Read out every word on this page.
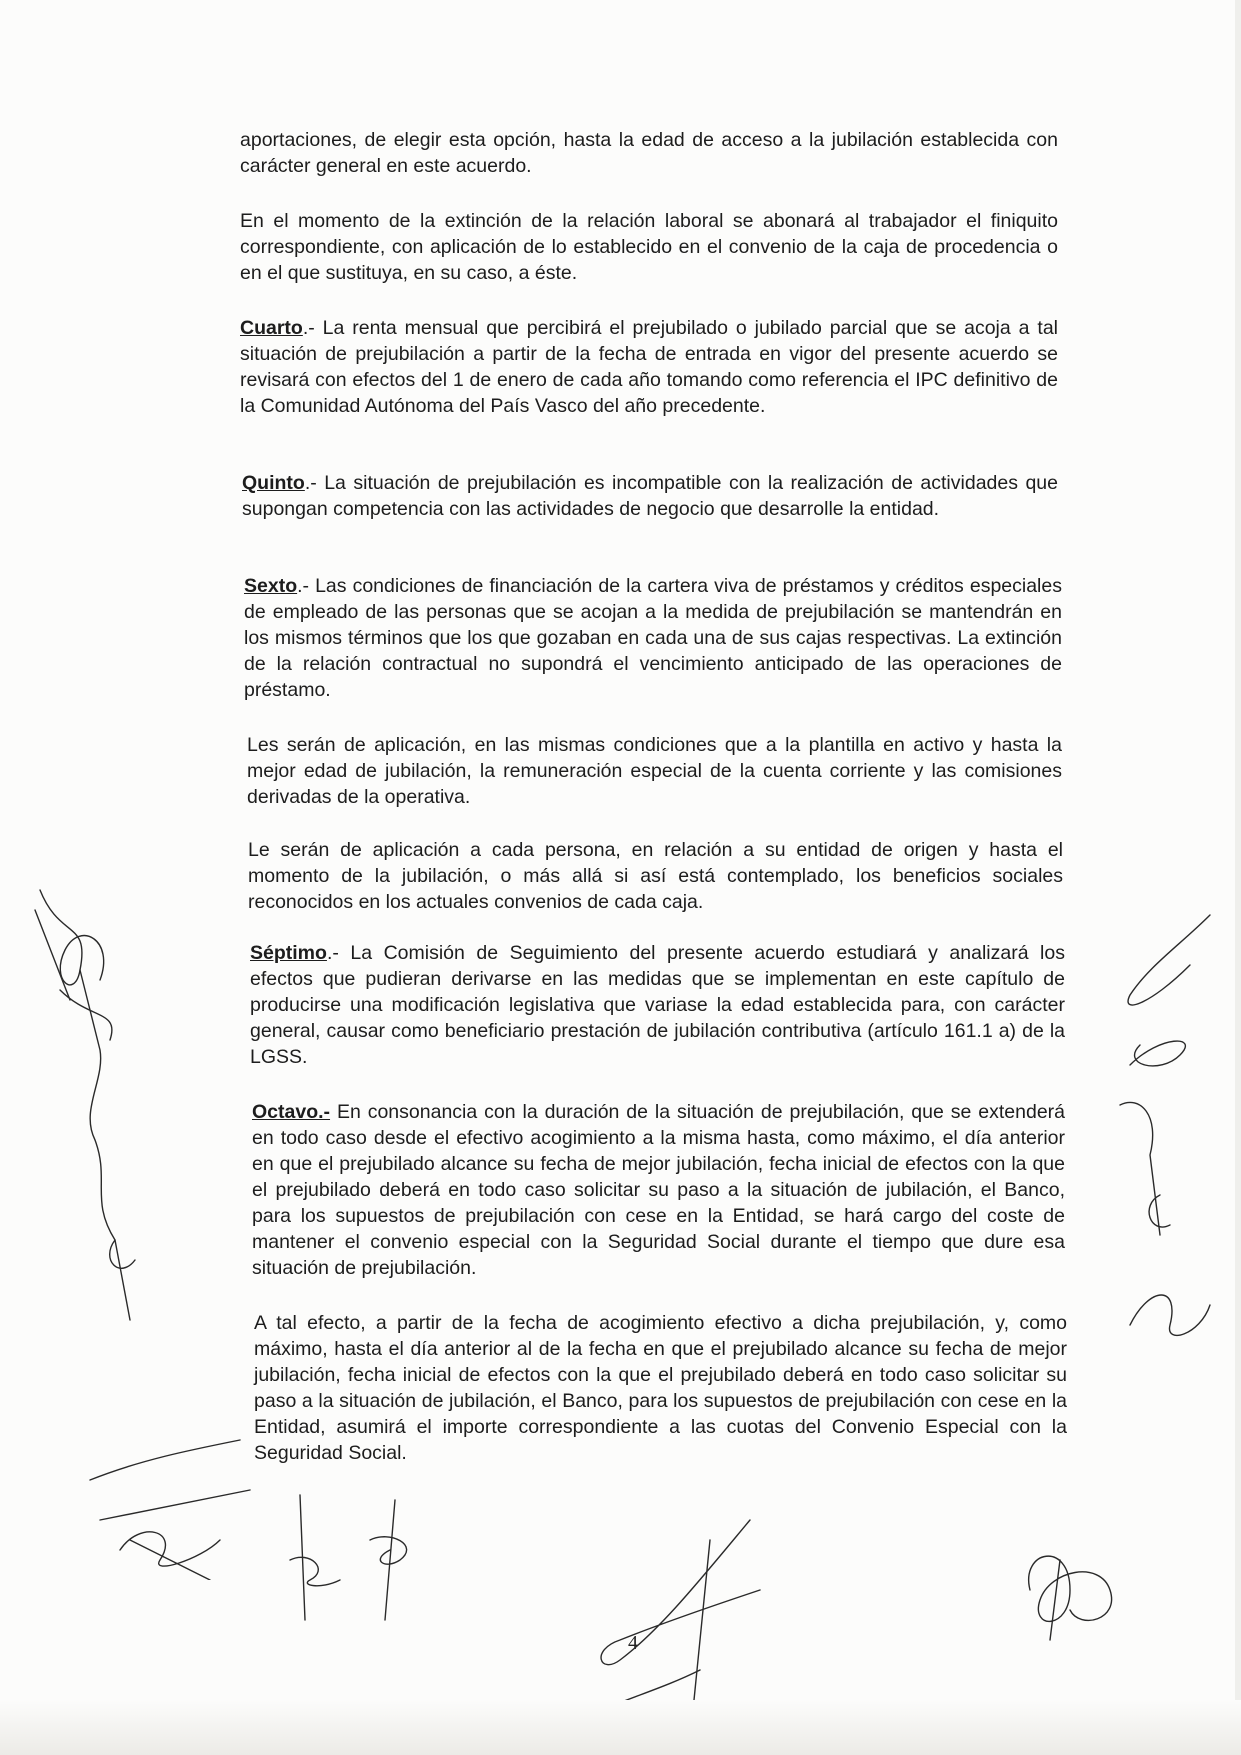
aportaciones, de elegir esta opción, hasta la edad de acceso a la jubilación establecida con carácter general en este acuerdo.

En el momento de la extinción de la relación laboral se abonará al trabajador el finiquito correspondiente, con aplicación de lo establecido en el convenio de la caja de procedencia o en el que sustituya, en su caso, a éste.

Cuarto.- La renta mensual que percibirá el prejubilado o jubilado parcial que se acoja a tal situación de prejubilación a partir de la fecha de entrada en vigor del presente acuerdo se revisará con efectos del 1 de enero de cada año tomando como referencia el IPC definitivo de la Comunidad Autónoma del País Vasco del año precedente.

Quinto.- La situación de prejubilación es incompatible con la realización de actividades que supongan competencia con las actividades de negocio que desarrolle la entidad.

Sexto.- Las condiciones de financiación de la cartera viva de préstamos y créditos especiales de empleado de las personas que se acojan a la medida de prejubilación se mantendrán en los mismos términos que los que gozaban en cada una de sus cajas respectivas. La extinción de la relación contractual no supondrá el vencimiento anticipado de las operaciones de préstamo.

Les serán de aplicación, en las mismas condiciones que a la plantilla en activo y hasta la mejor edad de jubilación, la remuneración especial de la cuenta corriente y las comisiones derivadas de la operativa.

Le serán de aplicación a cada persona, en relación a su entidad de origen y hasta el momento de la jubilación, o más allá si así está contemplado, los beneficios sociales reconocidos en los actuales convenios de cada caja.

Séptimo.- La Comisión de Seguimiento del presente acuerdo estudiará y analizará los efectos que pudieran derivarse en las medidas que se implementan en este capítulo de producirse una modificación legislativa que variase la edad establecida para, con carácter general, causar como beneficiario prestación de jubilación contributiva (artículo 161.1 a) de la LGSS.

Octavo.- En consonancia con la duración de la situación de prejubilación, que se extenderá en todo caso desde el efectivo acogimiento a la misma hasta, como máximo, el día anterior en que el prejubilado alcance su fecha de mejor jubilación, fecha inicial de efectos con la que el prejubilado deberá en todo caso solicitar su paso a la situación de jubilación, el Banco, para los supuestos de prejubilación con cese en la Entidad, se hará cargo del coste de mantener el convenio especial con la Seguridad Social durante el tiempo que dure esa situación de prejubilación.

A tal efecto, a partir de la fecha de acogimiento efectivo a dicha prejubilación, y, como máximo, hasta el día anterior al de la fecha en que el prejubilado alcance su fecha de mejor jubilación, fecha inicial de efectos con la que el prejubilado deberá en todo caso solicitar su paso a la situación de jubilación, el Banco, para los supuestos de prejubilación con cese en la Entidad, asumirá el importe correspondiente a las cuotas del Convenio Especial con la Seguridad Social.

4
